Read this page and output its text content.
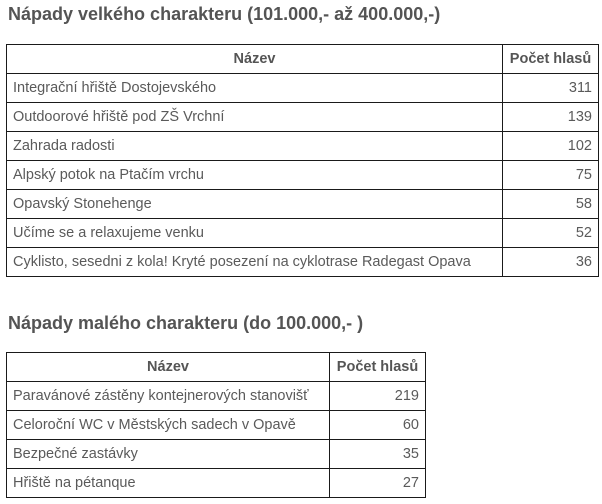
Nápady velkého charakteru (101.000,- až 400.000,-)
Název	Počet hlasů
Integrační hřiště Dostojevského	311
Outdoorové hřiště pod ZŠ Vrchní	139
Zahrada radosti	102
Alpský potok na Ptačím vrchu	75
Opavský Stonehenge	58
Učíme se a relaxujeme venku	52
Cyklisto, sesedni z kola! Kryté posezení na cyklotrase Radegast Opava	36
Nápady malého charakteru (do 100.000,- )
Název	Počet hlasů
Paravánové zástěny kontejnerových stanovišť	219
Celoroční WC v Městských sadech v Opavě	60
Bezpečné zastávky	35
Hřiště na pétanque	27
